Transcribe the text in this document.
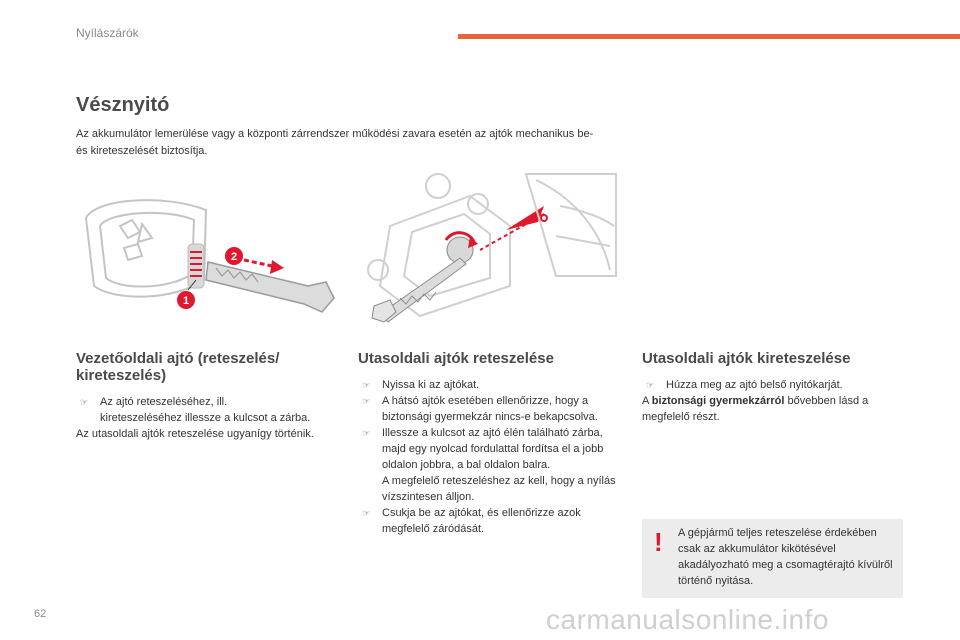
Nyílászárók
Vésznyitó
Az akkumulátor lemerülése vagy a központi zárrendszer működési zavara esetén az ajtók mechanikus be- és kireteszelését biztosítja.
2
1
Vezetőoldali ajtó (reteszelés/ kireteszelés)

☞ Az ajtó reteszeléséhez, ill.

kireteszeléséhez illessze a kulcsot a zárba.

Az utasoldali ajtók reteszelése ugyanígy történik.

Utasoldali ajtók reteszelése

☞ Nyissa ki az ajtókat.

☞ A hátsó ajtók esetében ellenőrizze, hogy a biztonsági gyermekzár nincs-e bekapcsolva.

☞ Illessze a kulcsot az ajtó élén található zárba, majd egy nyolcad fordulattal fordítsa el a jobb oldalon jobbra, a bal oldalon balra.

A megfelelő reteszeléshez az kell, hogy a nyílás vízszintesen álljon.

☞ Csukja be az ajtókat, és ellenőrizze azok megfelelő záródását.

Utasoldali ajtók kireteszelése

☞ Húzza meg az ajtó belső nyitókarját.

A biztonsági gyermekzárról bővebben lásd a megfelelő részt.

! A gépjármű teljes reteszelése érdekében csak az akkumulátor kikötésével akadályozható meg a csomagtérajtó kívülről történő nyitása.
62	carmanualsonline.info
